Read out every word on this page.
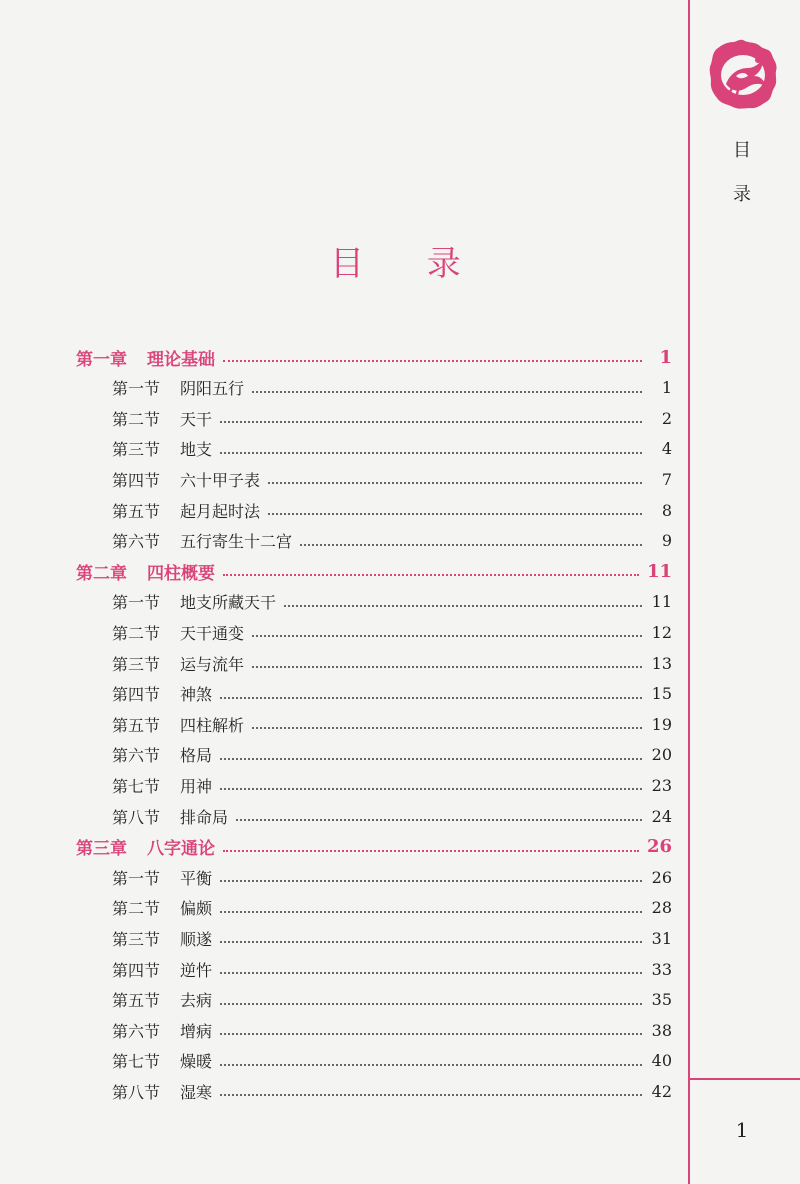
目
录
目 录
第一章 理论基础	1
第一节 阴阳五行	1
第二节 天干	2
第三节 地支	4
第四节 六十甲子表	7
第五节 起月起时法	8
第六节 五行寄生十二宫	9
第二章 四柱概要	11
第一节 地支所藏天干	11
第二节 天干通变	12
第三节 运与流年	13
第四节 神煞	15
第五节 四柱解析	19
第六节 格局	20
第七节 用神	23
第八节 排命局	24
第三章 八字通论	26
第一节 平衡	26
第二节 偏颇	28
第三节 顺遂	31
第四节 逆忤	33
第五节 去病	35
第六节 增病	38
第七节 燥暖	40
第八节 湿寒	42
1
